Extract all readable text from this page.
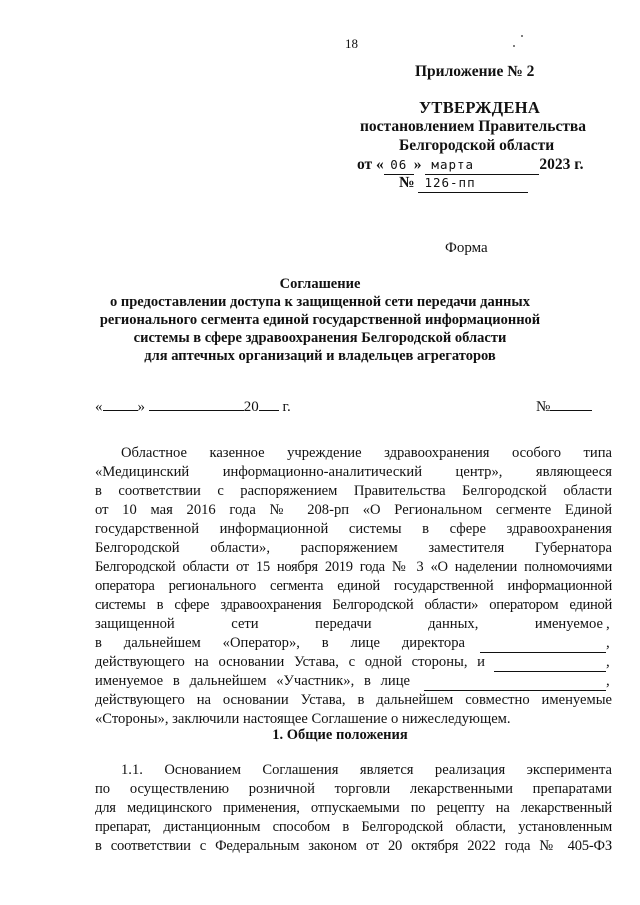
18
Приложение № 2
УТВЕРЖДЕНА
постановлением Правительства
Белгородской области
от « 06 » марта	2023 г.
№ 126-пп
Форма
Соглашение
о предоставлении доступа к защищенной сети передачи данных
регионального сегмента единой государственной информационной
системы в сфере здравоохранения Белгородской области
для аптечных организаций и владельцев агрегаторов
« »	20 г.	№
Областное казенное учреждение здравоохранения особого типа
«Медицинский информационно-аналитический центр», являющееся
в соответствии с распоряжением Правительства Белгородской области
от 10 мая 2016 года № 208-рп «О Региональном сегменте Единой
государственной информационной системы в сфере здравоохранения
Белгородской области», распоряжением заместителя Губернатора
Белгородской области от 15 ноября 2019 года № 3 «О наделении полномочиями
оператора регионального сегмента единой государственной информационной
системы в сфере здравоохранения Белгородской области» оператором единой
защищенной сети передачи данных, именуемое ,
в дальнейшем «Оператор», в лице директора	,
действующего на основании Устава, с одной стороны, и	,
именуемое в дальнейшем «Участник», в лице	,
действующего на основании Устава, в дальнейшем совместно именуемые
«Стороны», заключили настоящее Соглашение о нижеследующем.
1. Общие положения
1.1. Основанием Соглашения является реализация эксперимента
по осуществлению розничной торговли лекарственными препаратами
для медицинского применения, отпускаемыми по рецепту на лекарственный
препарат, дистанционным способом в Белгородской области, установленным
в соответствии с Федеральным законом от 20 октября 2022 года № 405-ФЗ
